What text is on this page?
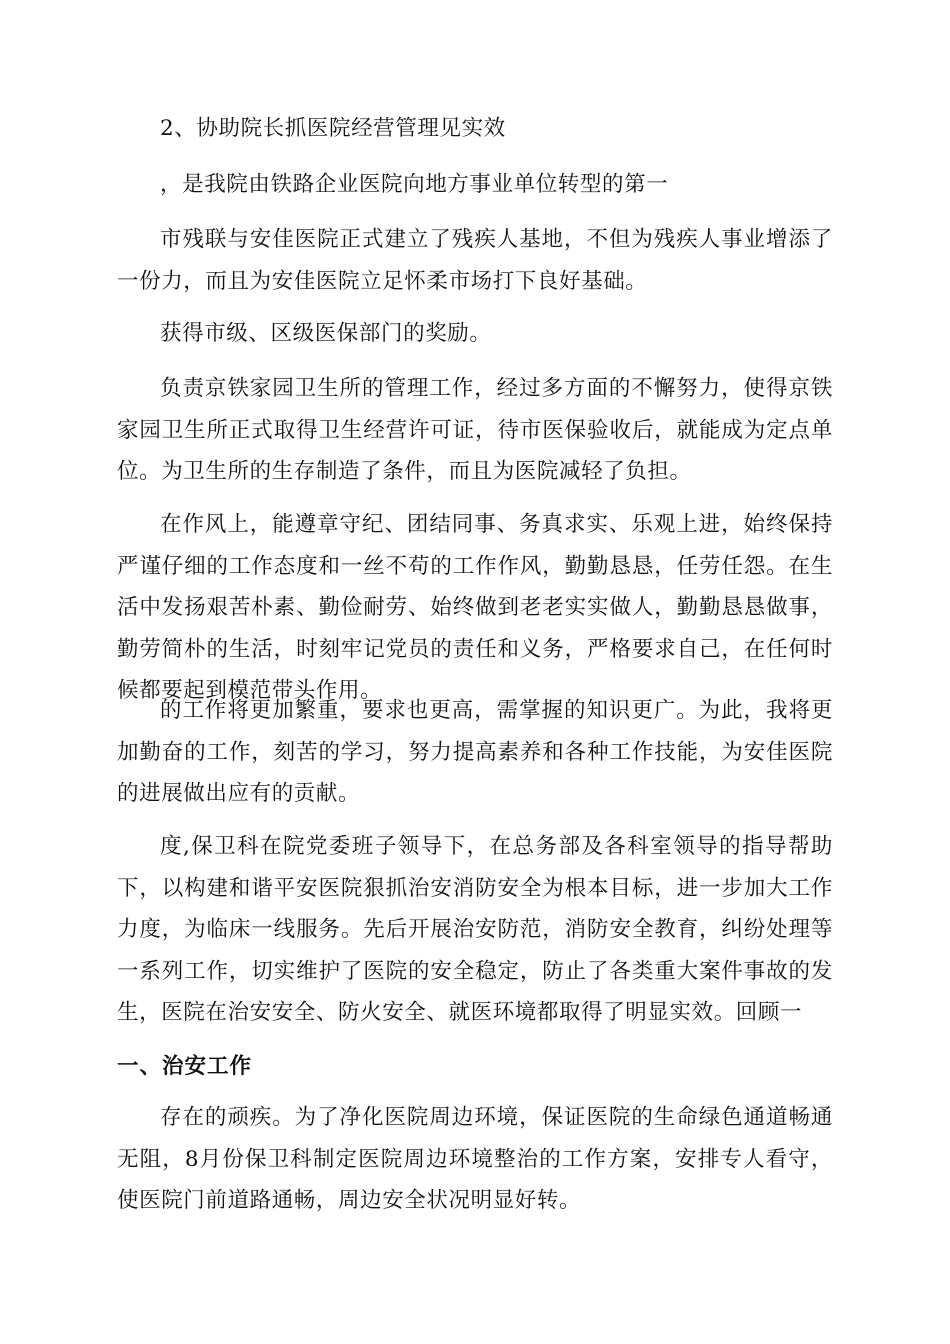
2、协助院长抓医院经营管理见实效

，是我院由铁路企业医院向地方事业单位转型的第一

市残联与安佳医院正式建立了残疾人基地，不但为残疾人事业增添了一份力，而且为安佳医院立足怀柔市场打下良好基础。

获得市级、区级医保部门的奖励。

负责京铁家园卫生所的管理工作，经过多方面的不懈努力，使得京铁家园卫生所正式取得卫生经营许可证，待市医保验收后，就能成为定点单位。为卫生所的生存制造了条件，而且为医院减轻了负担。

在作风上，能遵章守纪、团结同事、务真求实、乐观上进，始终保持严谨仔细的工作态度和一丝不苟的工作作风，勤勤恳恳，任劳任怨。在生活中发扬艰苦朴素、勤俭耐劳、始终做到老老实实做人，勤勤恳恳做事，勤劳简朴的生活，时刻牢记党员的责任和义务，严格要求自己，在任何时候都要起到模范带头作用。

的工作将更加繁重，要求也更高，需掌握的知识更广。为此，我将更加勤奋的工作，刻苦的学习，努力提高素养和各种工作技能，为安佳医院的进展做出应有的贡献。

度,保卫科在院党委班子领导下，在总务部及各科室领导的指导帮助下，以构建和谐平安医院狠抓治安消防安全为根本目标，进一步加大工作力度，为临床一线服务。先后开展治安防范，消防安全教育，纠纷处理等一系列工作，切实维护了医院的安全稳定，防止了各类重大案件事故的发生，医院在治安安全、防火安全、就医环境都取得了明显实效。回顾一

一、治安工作

存在的顽疾。为了净化医院周边环境，保证医院的生命绿色通道畅通无阻，8月份保卫科制定医院周边环境整治的工作方案，安排专人看守，使医院门前道路通畅，周边安全状况明显好转。
